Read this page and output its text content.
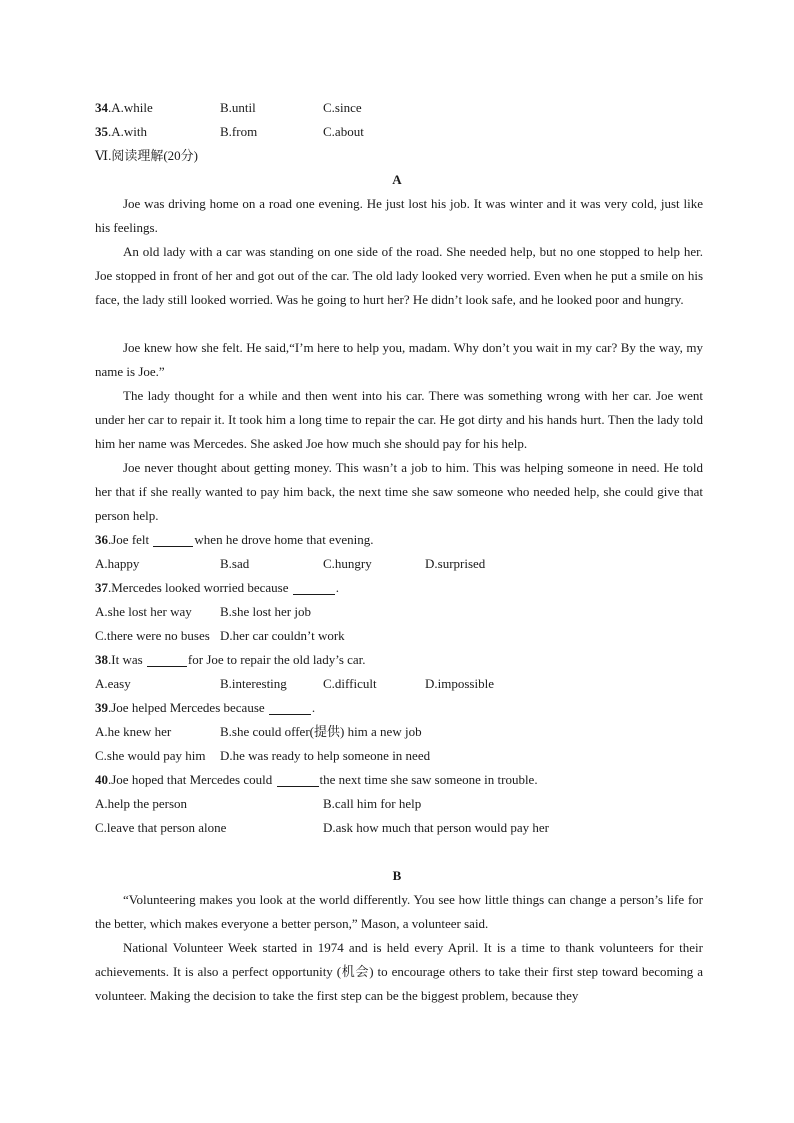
34.A.while	B.until	C.since
35.A.with	B.from	C.about
Ⅵ.阅读理解(20分)
A
Joe was driving home on a road one evening. He just lost his job. It was winter and it was very cold, just like his feelings.
An old lady with a car was standing on one side of the road. She needed help, but no one stopped to help her. Joe stopped in front of her and got out of the car. The old lady looked very worried. Even when he put a smile on his face, the lady still looked worried. Was he going to hurt her? He didn’t look safe, and he looked poor and hungry.
Joe knew how she felt. He said,“I’m here to help you, madam. Why don’t you wait in my car? By the way, my name is Joe.”
The lady thought for a while and then went into his car. There was something wrong with her car. Joe went under her car to repair it. It took him a long time to repair the car. He got dirty and his hands hurt. Then the lady told him her name was Mercedes. She asked Joe how much she should pay for his help.
Joe never thought about getting money. This wasn’t a job to him. This was helping someone in need. He told her that if she really wanted to pay him back, the next time she saw someone who needed help, she could give that person help.
36.Joe felt	when he drove home that evening.
A.happy	B.sad	C.hungry	D.surprised
37.Mercedes looked worried because	.
A.she lost her way B.she lost her job
C.there were no buses D.her car couldn’t work
38.It was	for Joe to repair the old lady’s car.
A.easy	B.interesting	C.difficult	D.impossible
39.Joe helped Mercedes because	.
A.he knew her	B.she could offer(提供) him a new job
C.she would pay him D.he was ready to help someone in need
40.Joe hoped that Mercedes could	the next time she saw someone in trouble.
A.help the person	B.call him for help
C.leave that person alone	D.ask how much that person would pay her
B
“Volunteering makes you look at the world differently. You see how little things can change a person’s life for the better, which makes everyone a better person,” Mason, a volunteer said.
National Volunteer Week started in 1974 and is held every April. It is a time to thank volunteers for their achievements. It is also a perfect opportunity (机会) to encourage others to take their first step toward becoming a volunteer. Making the decision to take the first step can be the biggest problem, because they
